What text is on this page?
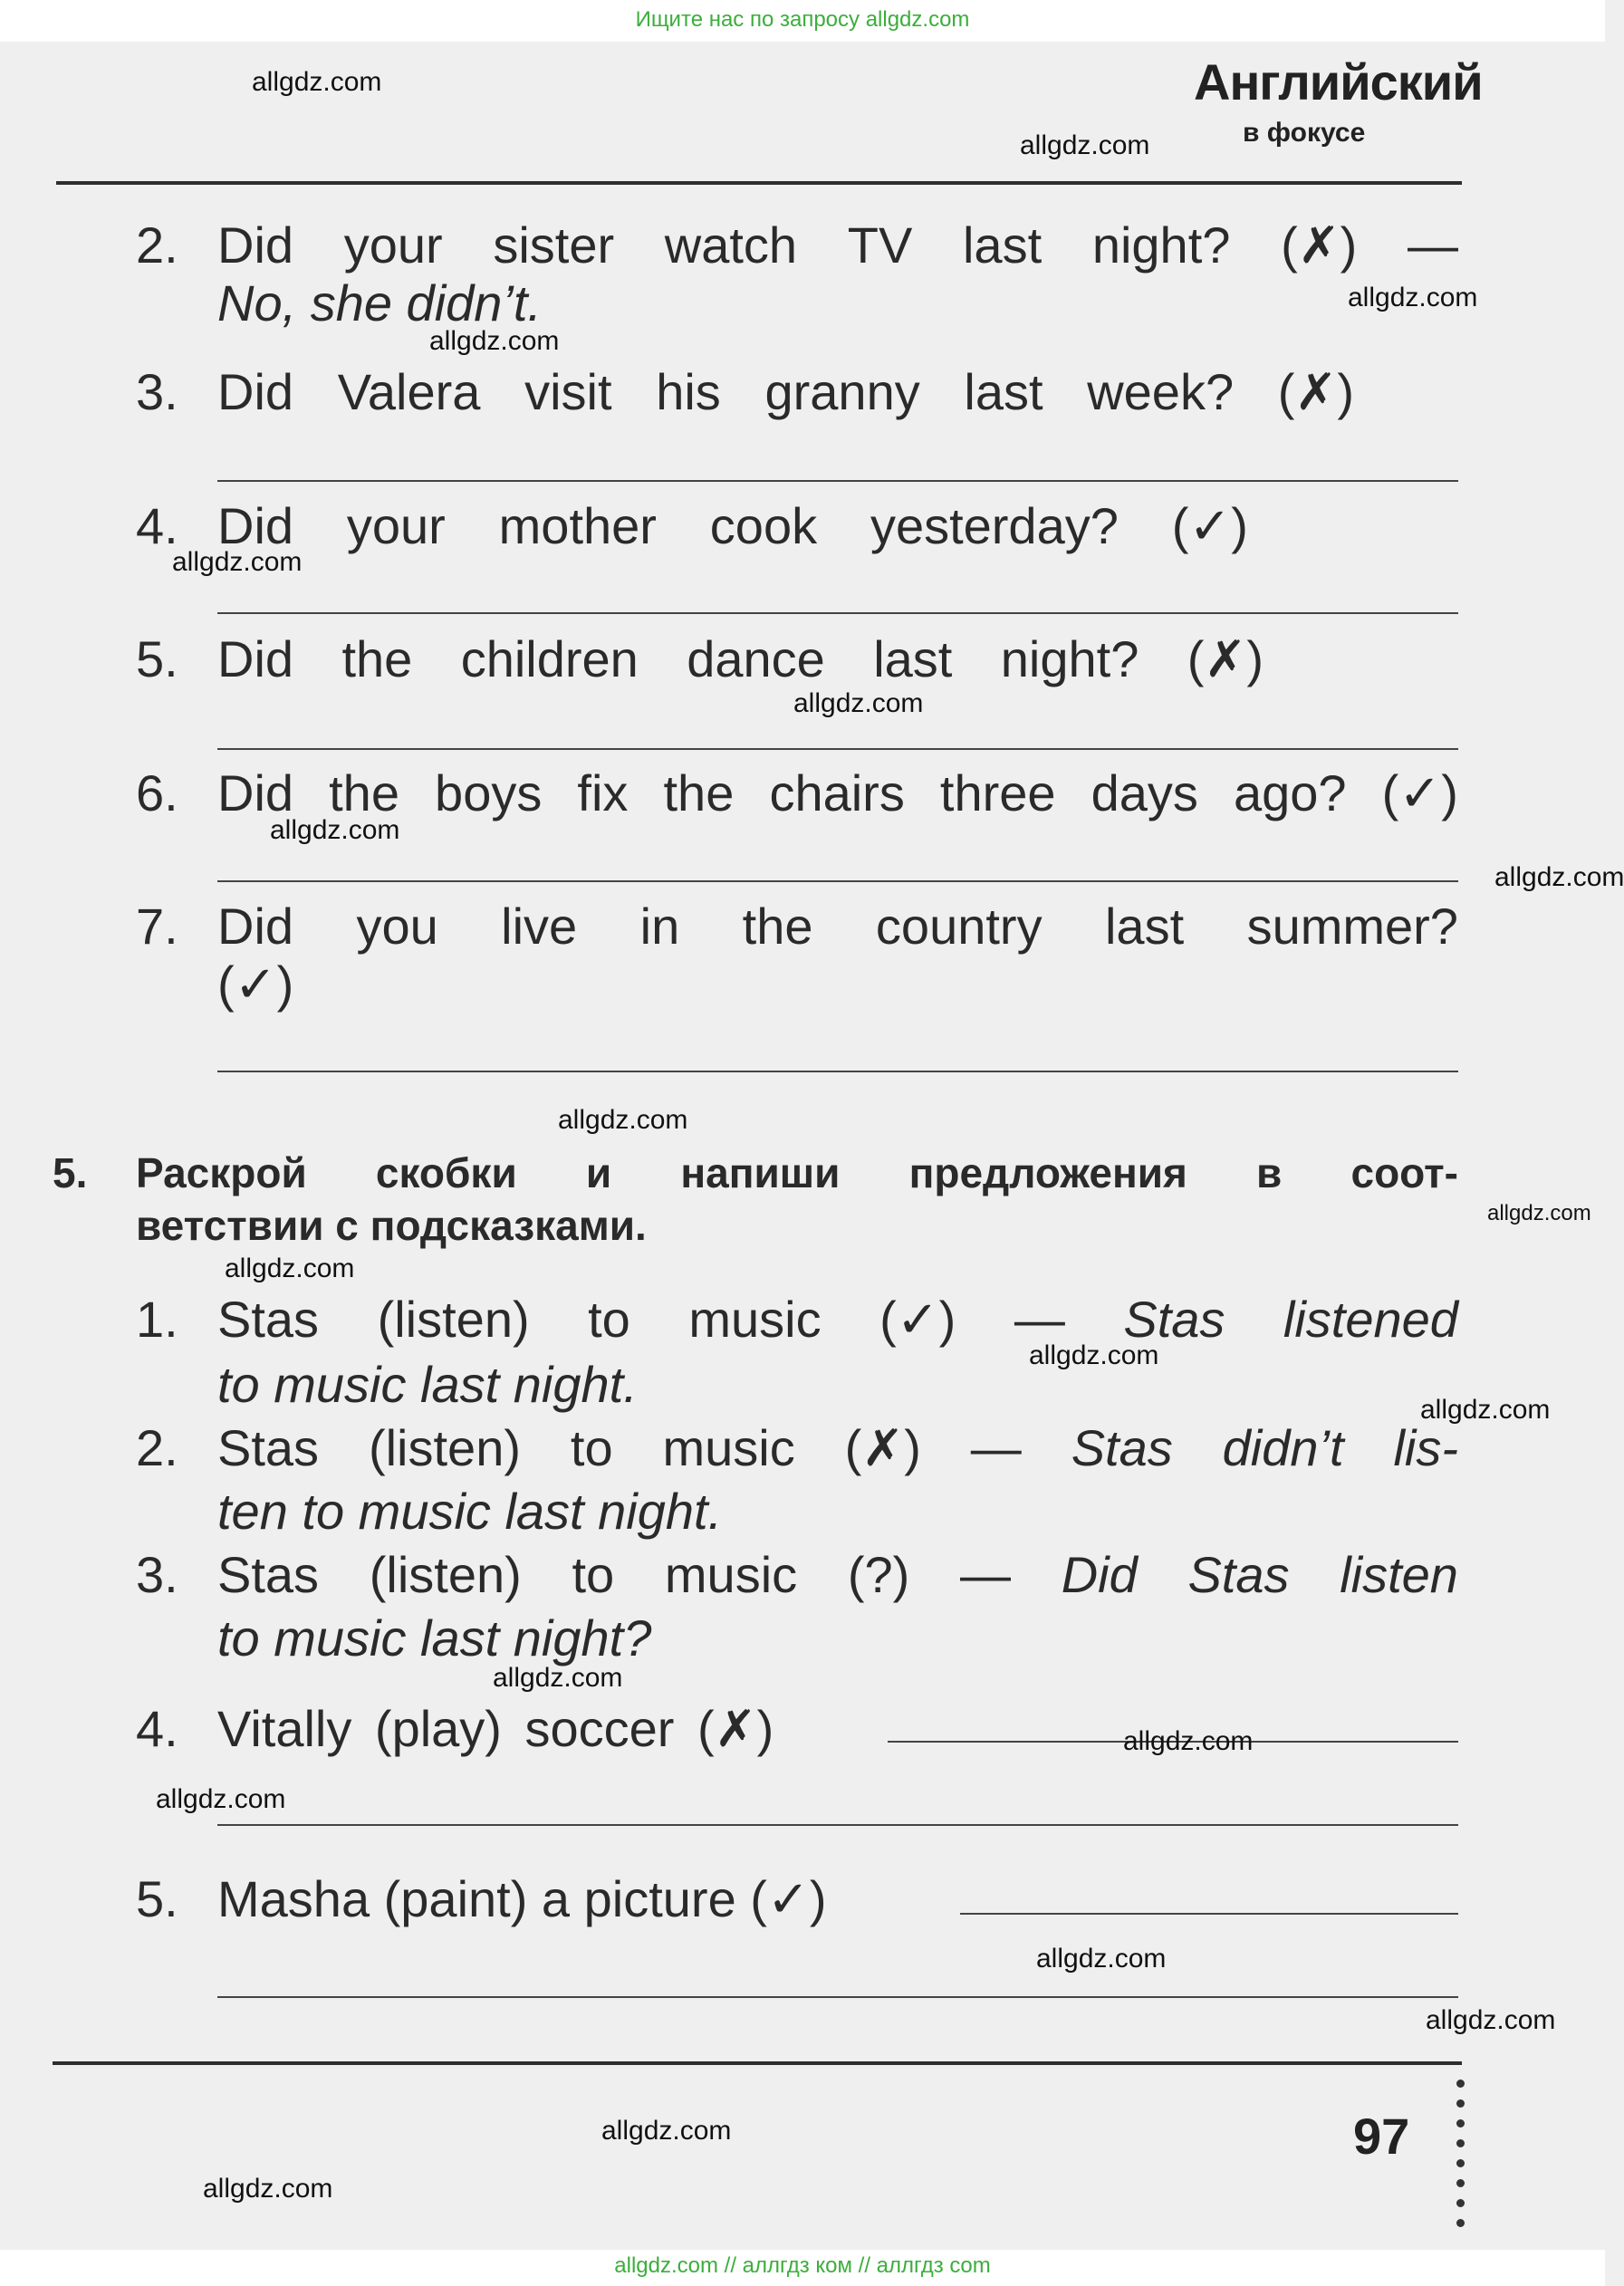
Ищите нас по запросу allgdz.com
Английский
в фокусе
2. Did your sister watch TV last night? (✗) —
No, she didn’t.
3. Did Valera visit his granny last week? (✗)
4. Did your mother cook yesterday? (✓)
5. Did the children dance last night? (✗)
6. Did the boys fix the chairs three days ago? (✓)
7. Did you live in the country last summer?
(✓)
5. Раскрой скобки и напиши предложения в соот-
ветствии с подсказками.
1. Stas (listen) to music (✓) — Stas listened
to music last night.
2. Stas (listen) to music (✗) — Stas didn’t lis-
ten to music last night.
3. Stas (listen) to music (?) — Did Stas listen
to music last night?
4. Vitally (play) soccer (✗)
5. Masha (paint) a picture (✓)
97
allgdz.com
allgdz.com
allgdz.com
allgdz.com
allgdz.com
allgdz.com
allgdz.com
allgdz.com
allgdz.com
allgdz.com
allgdz.com
allgdz.com
allgdz.com
allgdz.com
allgdz.com
allgdz.com
allgdz.com
allgdz.com
allgdz.com
allgdz.com
allgdz.com // аллгдз ком // аллгдз com
